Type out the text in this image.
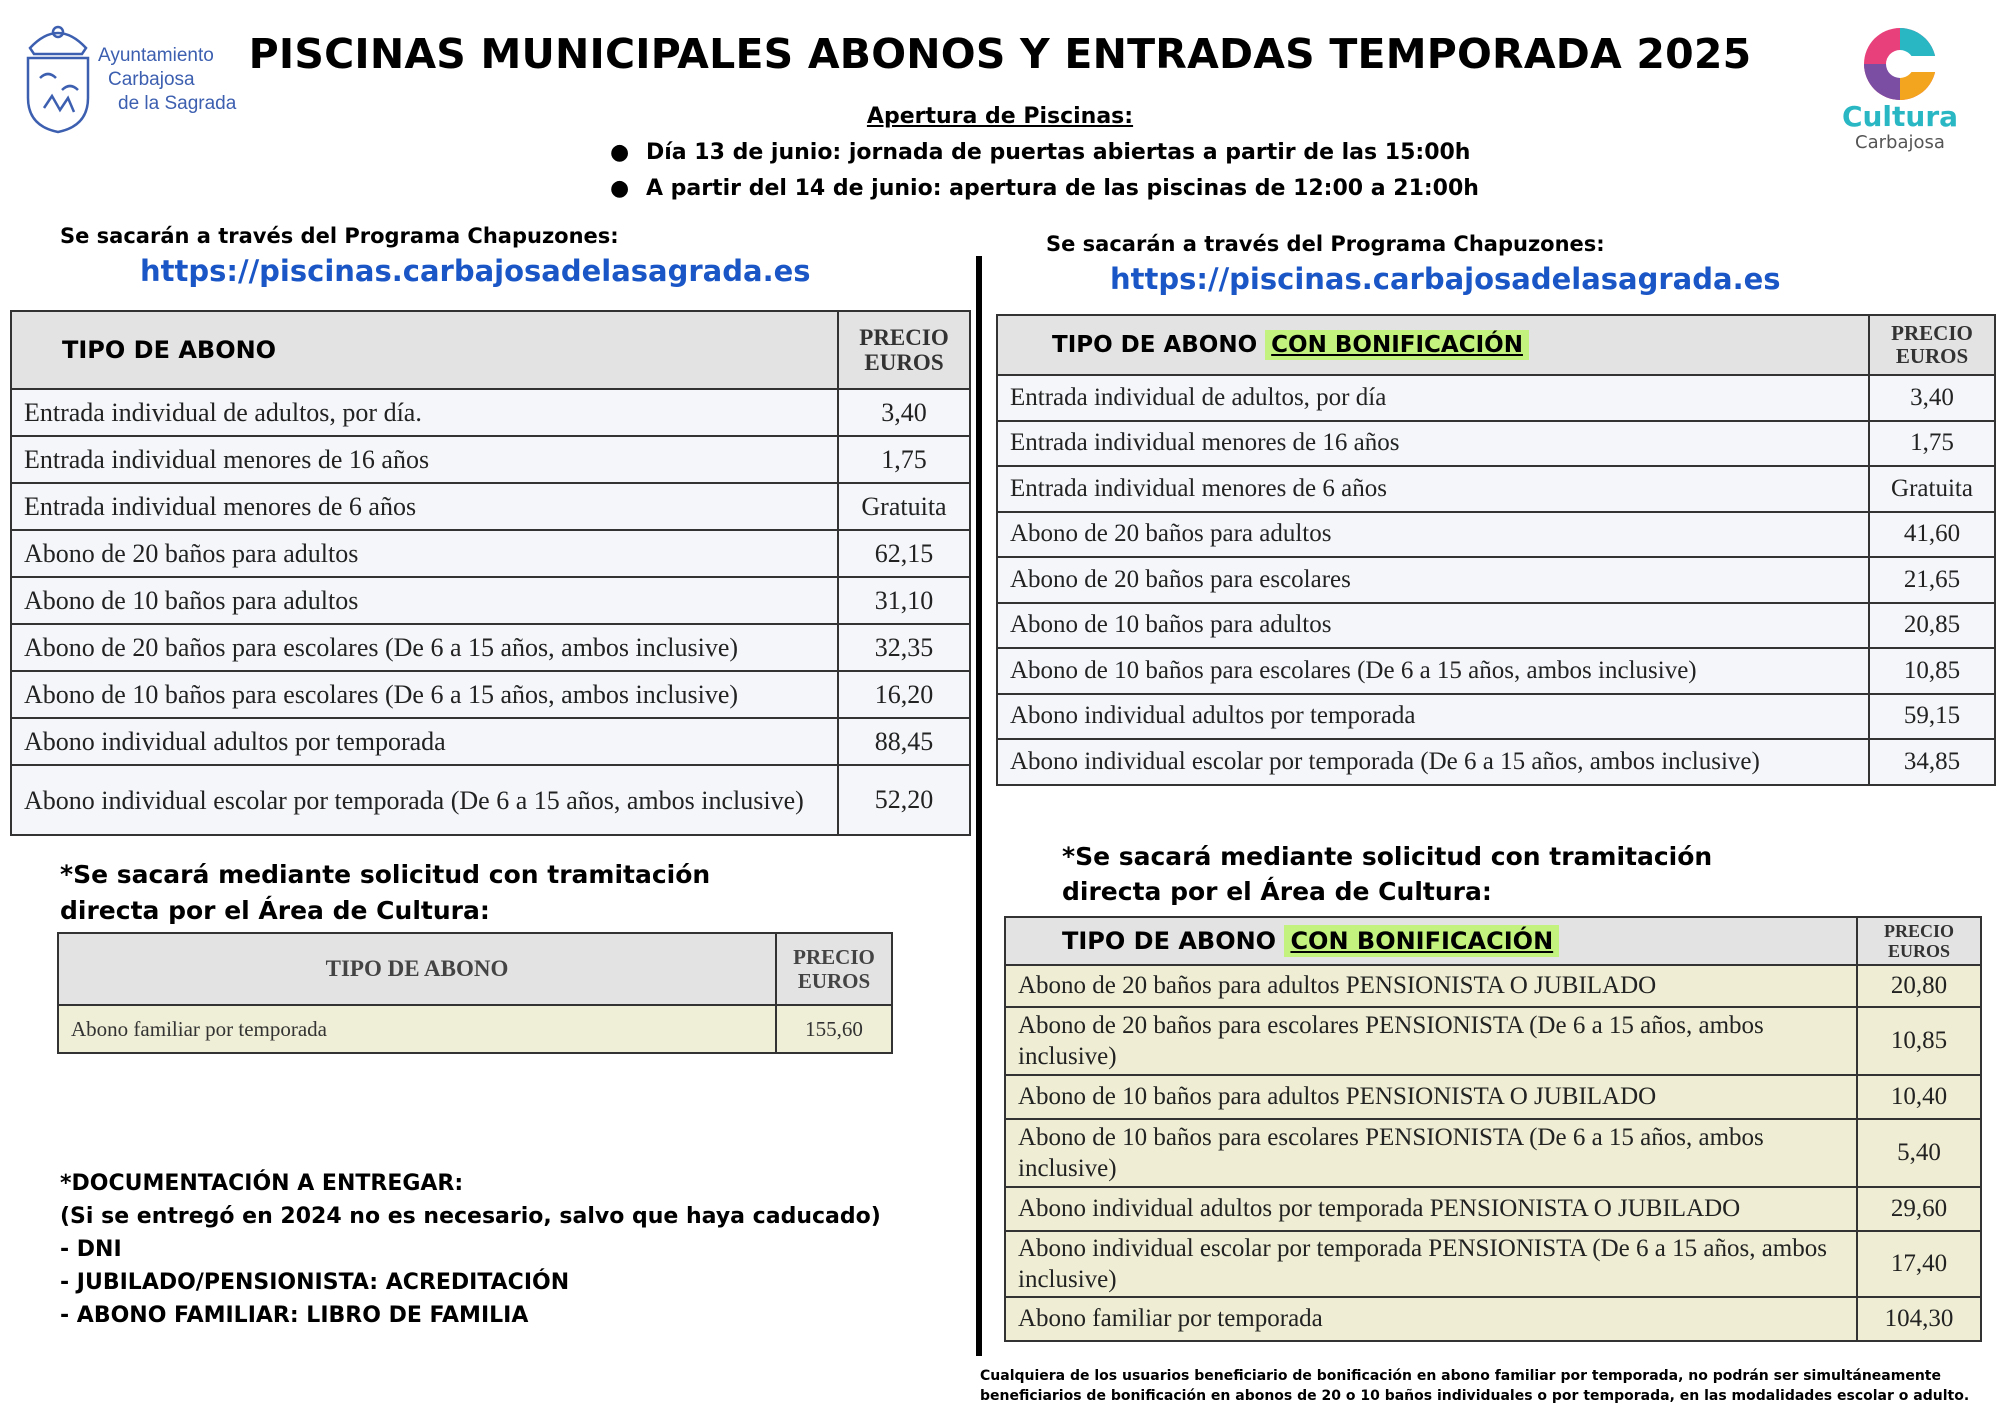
Ayuntamiento
Carbajosa
de la Sagrada
PISCINAS MUNICIPALES ABONOS Y ENTRADAS TEMPORADA 2025
Cultura
Carbajosa
Apertura de Piscinas:
● Día 13 de junio: jornada de puertas abiertas a partir de las 15:00h
● A partir del 14 de junio: apertura de las piscinas de 12:00 a 21:00h
Se sacarán a través del Programa Chapuzones:
https://piscinas.carbajosadelasagrada.es
TIPO DE ABONO	PRECIO
EUROS
Entrada individual de adultos, por día.	3,40
Entrada individual menores de 16 años	1,75
Entrada individual menores de 6 años	Gratuita
Abono de 20 baños para adultos	62,15
Abono de 10 baños para adultos	31,10
Abono de 20 baños para escolares (De 6 a 15 años, ambos inclusive)	32,35
Abono de 10 baños para escolares (De 6 a 15 años, ambos inclusive)	16,20
Abono individual adultos por temporada	88,45
Abono individual escolar por temporada (De 6 a 15 años, ambos inclusive)	52,20
*Se sacará mediante solicitud con tramitación
directa por el Área de Cultura:
TIPO DE ABONO	PRECIO
EUROS
Abono familiar por temporada	155,60
*DOCUMENTACIÓN A ENTREGAR:
(Si se entregó en 2024 no es necesario, salvo que haya caducado)
- DNI
- JUBILADO/PENSIONISTA: ACREDITACIÓN
- ABONO FAMILIAR: LIBRO DE FAMILIA
Se sacarán a través del Programa Chapuzones:
https://piscinas.carbajosadelasagrada.es
TIPO DE ABONO CON BONIFICACIÓN	PRECIO
EUROS
Entrada individual de adultos, por día	3,40
Entrada individual menores de 16 años	1,75
Entrada individual menores de 6 años	Gratuita
Abono de 20 baños para adultos	41,60
Abono de 20 baños para escolares	21,65
Abono de 10 baños para adultos	20,85
Abono de 10 baños para escolares (De 6 a 15 años, ambos inclusive)	10,85
Abono individual adultos por temporada	59,15
Abono individual escolar por temporada (De 6 a 15 años, ambos inclusive)	34,85
*Se sacará mediante solicitud con tramitación
directa por el Área de Cultura:
TIPO DE ABONO CON BONIFICACIÓN	PRECIO
EUROS
Abono de 20 baños para adultos PENSIONISTA O JUBILADO	20,80
Abono de 20 baños para escolares PENSIONISTA (De 6 a 15 años, ambos inclusive)	10,85
Abono de 10 baños para adultos PENSIONISTA O JUBILADO	10,40
Abono de 10 baños para escolares PENSIONISTA (De 6 a 15 años, ambos inclusive)	5,40
Abono individual adultos por temporada PENSIONISTA O JUBILADO	29,60
Abono individual escolar por temporada PENSIONISTA (De 6 a 15 años, ambos inclusive)	17,40
Abono familiar por temporada	104,30
Cualquiera de los usuarios beneficiario de bonificación en abono familiar por temporada, no podrán ser simultáneamente beneficiarios de bonificación en abonos de 20 o 10 baños individuales o por temporada, en las modalidades escolar o adulto.
